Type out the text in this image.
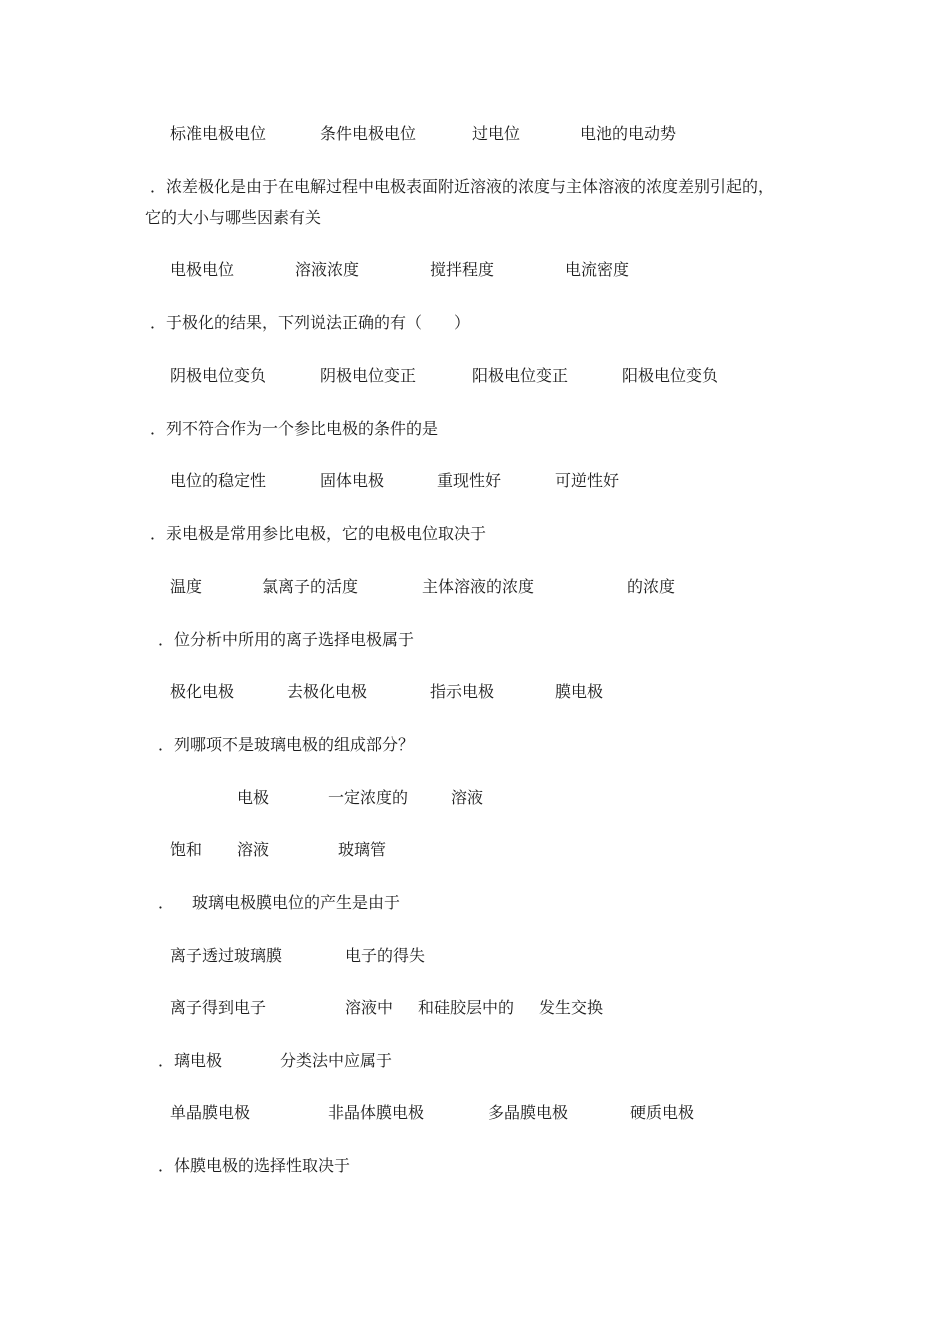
标准电极电位	条件电极电位	过电位	电池的电动势
．浓差极化是由于在电解过程中电极表面附近溶液的浓度与主体溶液的浓度差别引起的，
它的大小与哪些因素有关
电极电位	溶液浓度	搅拌程度	电流密度
．于极化的结果，下列说法正确的有（　　）
阴极电位变负	阴极电位变正	阳极电位变正	阳极电位变负
．列不符合作为一个参比电极的条件的是
电位的稳定性	固体电极	重现性好	可逆性好
．汞电极是常用参比电极，它的电极电位取决于
温度	氯离子的活度	主体溶液的浓度	的浓度
．位分析中所用的离子选择电极属于
极化电极	去极化电极	指示电极	膜电极
．列哪项不是玻璃电极的组成部分？
电极	一定浓度的	溶液
饱和 溶液	玻璃管
． 玻璃电极膜电位的产生是由于
离子透过玻璃膜	电子的得失
离子得到电子	溶液中 和硅胶层中的 发生交换
．璃电极	分类法中应属于
单晶膜电极	非晶体膜电极	多晶膜电极	硬质电极
．体膜电极的选择性取决于
